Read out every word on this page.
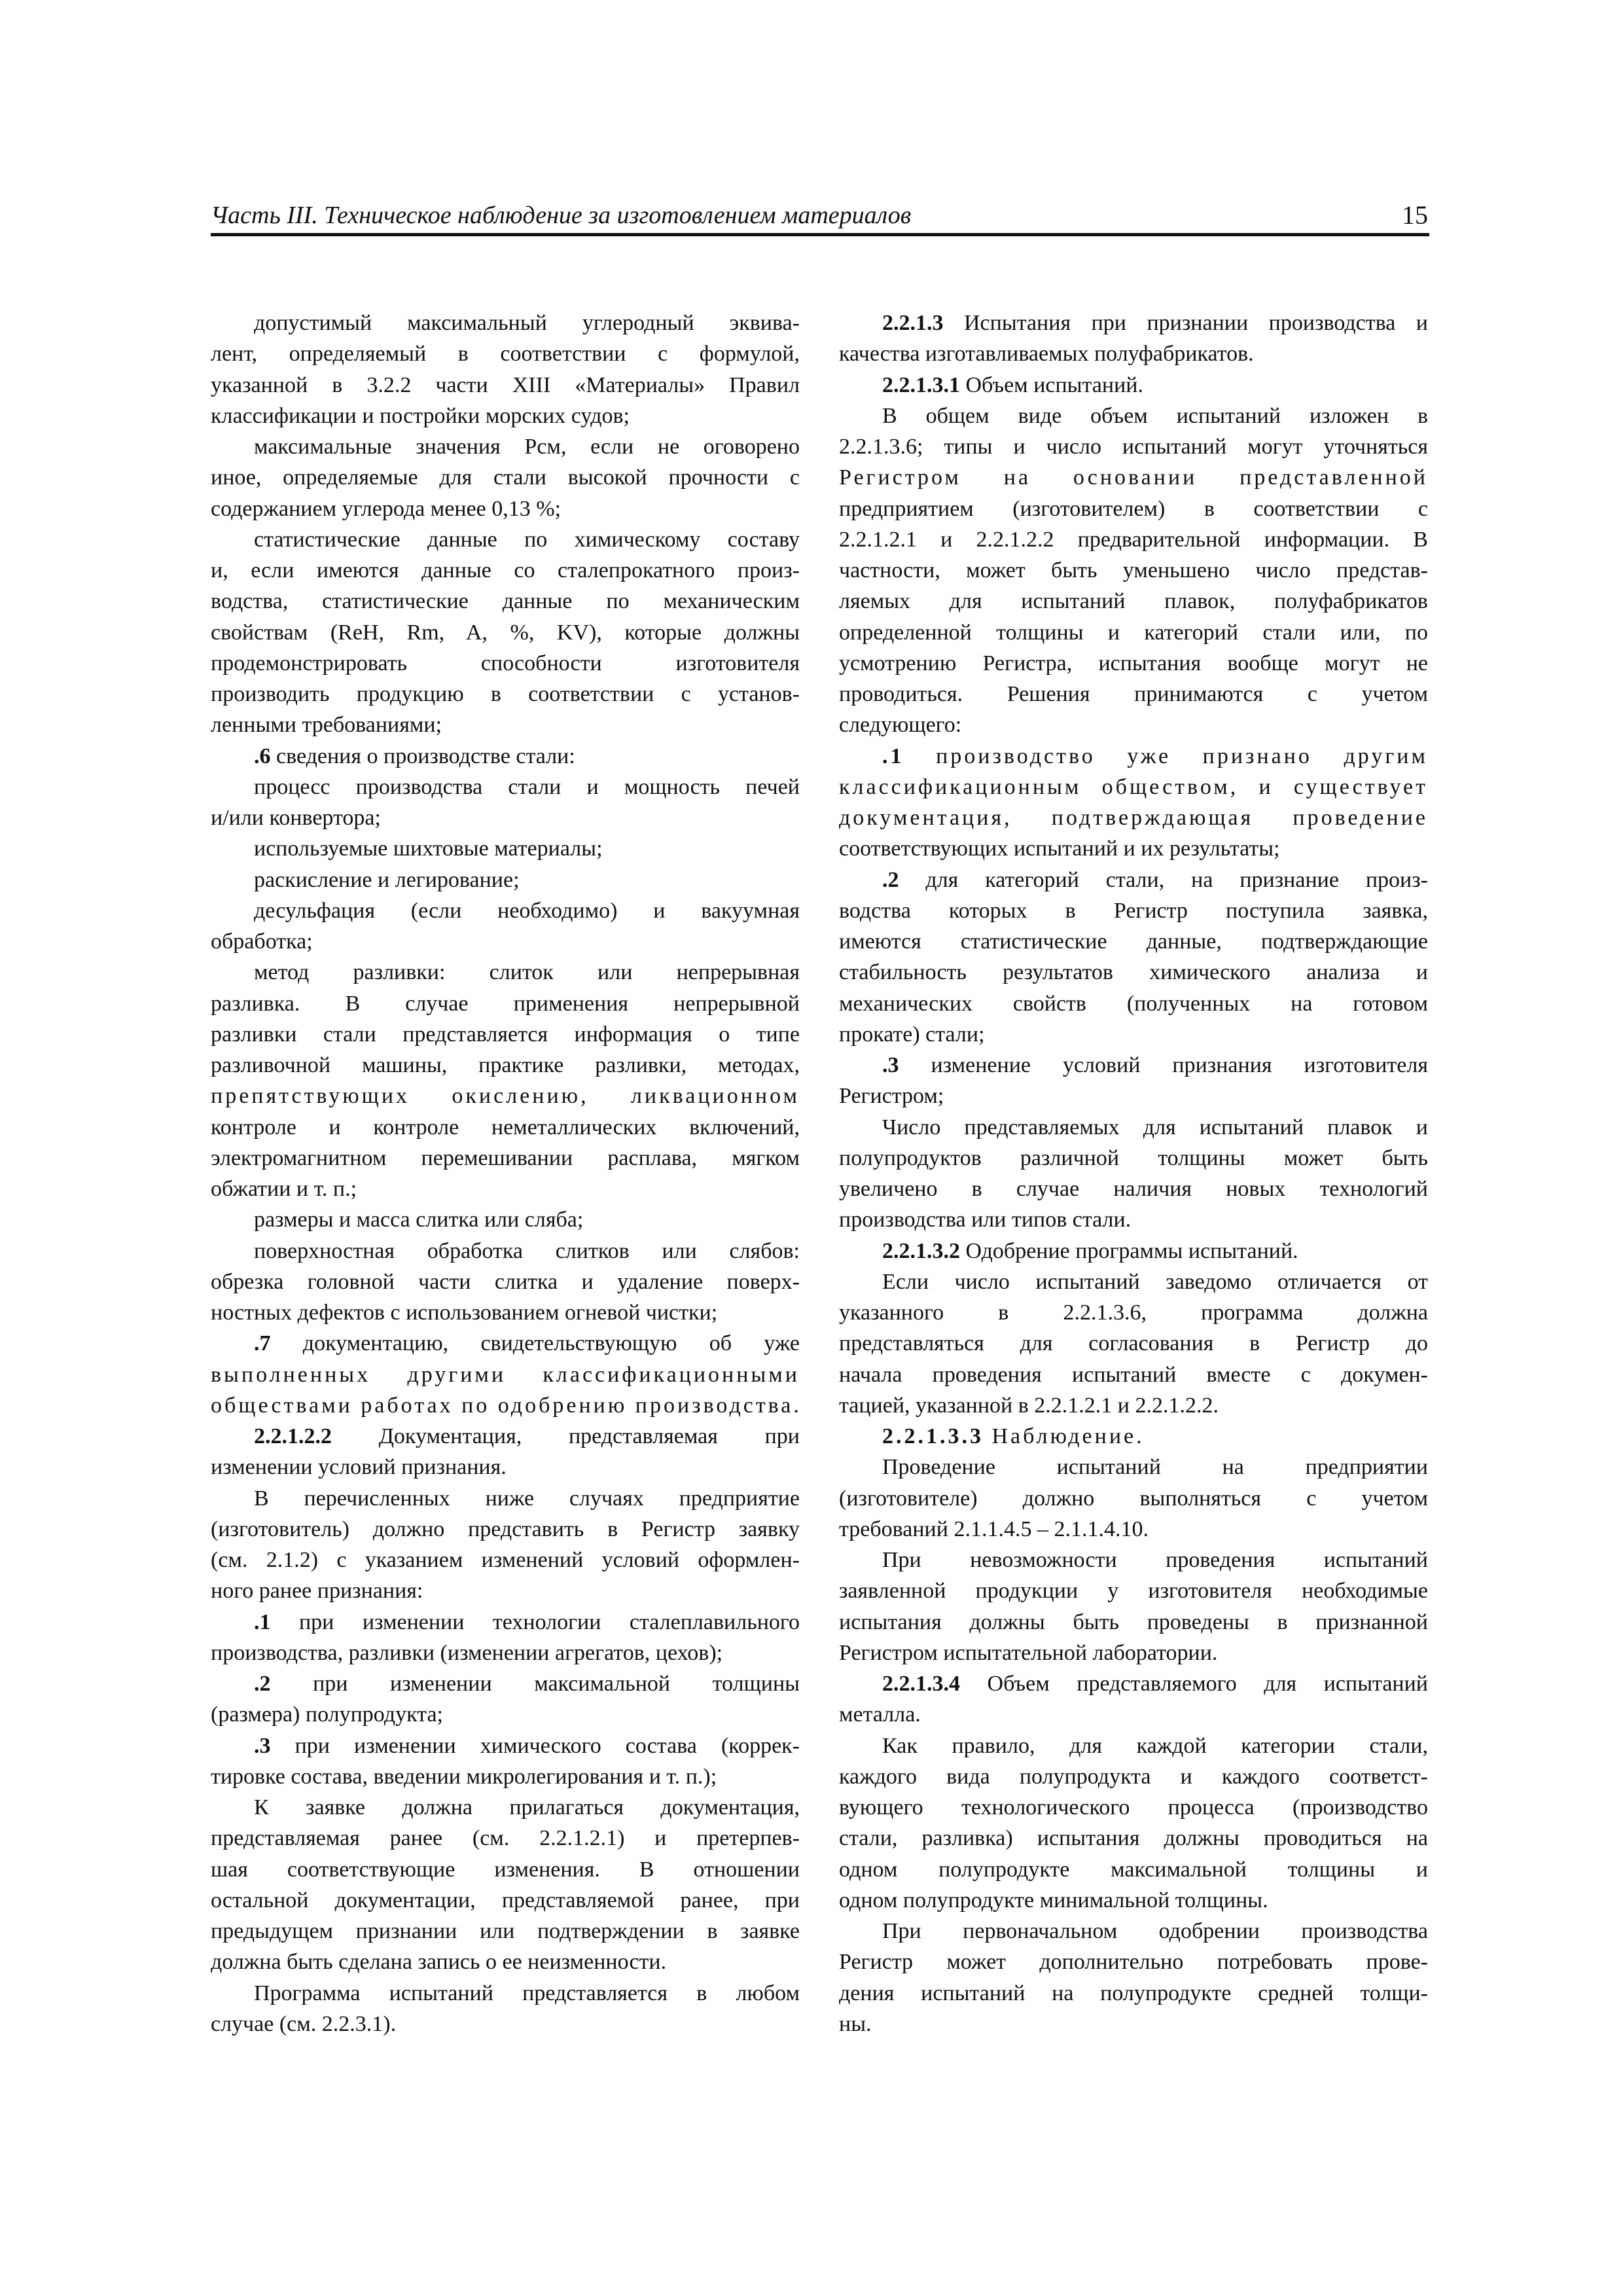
Часть III. Техническое наблюдение за изготовлением материалов	15
допустимый максимальный углеродный эквива-
лент, определяемый в соответствии с формулой,
указанной в 3.2.2 части XIII «Материалы» Правил
классификации и постройки морских судов;
максимальные значения Pсм, если не оговорено
иное, определяемые для стали высокой прочности с
содержанием углерода менее 0,13 %;
статистические данные по химическому составу
и, если имеются данные со сталепрокатного произ-
водства, статистические данные по механическим
свойствам (ReH, Rm, A, %, KV), которые должны
продемонстрировать способности изготовителя
производить продукцию в соответствии с установ-
ленными требованиями;
.6 сведения о производстве стали:
процесс производства стали и мощность печей
и/или конвертора;
используемые шихтовые материалы;
раскисление и легирование;
десульфация (если необходимо) и вакуумная
обработка;
метод разливки: слиток или непрерывная
разливка. В случае применения непрерывной
разливки стали представляется информация о типе
разливочной машины, практике разливки, методах,
препятствующих окислению, ликвационном
контроле и контроле неметаллических включений,
электромагнитном перемешивании расплава, мягком
обжатии и т. п.;
размеры и масса слитка или сляба;
поверхностная обработка слитков или слябов:
обрезка головной части слитка и удаление поверх-
ностных дефектов с использованием огневой чистки;
.7 документацию, свидетельствующую об уже
выполненных другими классификационными
обществами работах по одобрению производства.
2.2.1.2.2 Документация, представляемая при
изменении условий признания.
В перечисленных ниже случаях предприятие
(изготовитель) должно представить в Регистр заявку
(см. 2.1.2) с указанием изменений условий оформлен-
ного ранее признания:
.1 при изменении технологии сталеплавильного
производства, разливки (изменении агрегатов, цехов);
.2 при изменении максимальной толщины
(размера) полупродукта;
.3 при изменении химического состава (коррек-
тировке состава, введении микролегирования и т. п.);
К заявке должна прилагаться документация,
представляемая ранее (см. 2.2.1.2.1) и претерпев-
шая соответствующие изменения. В отношении
остальной документации, представляемой ранее, при
предыдущем признании или подтверждении в заявке
должна быть сделана запись о ее неизменности.
Программа испытаний представляется в любом
случае (см. 2.2.3.1).
2.2.1.3 Испытания при признании производства и
качества изготавливаемых полуфабрикатов.
2.2.1.3.1 Объем испытаний.
В общем виде объем испытаний изложен в
2.2.1.3.6; типы и число испытаний могут уточняться
Регистром на основании представленной
предприятием (изготовителем) в соответствии с
2.2.1.2.1 и 2.2.1.2.2 предварительной информации. В
частности, может быть уменьшено число представ-
ляемых для испытаний плавок, полуфабрикатов
определенной толщины и категорий стали или, по
усмотрению Регистра, испытания вообще могут не
проводиться. Решения принимаются с учетом
следующего:
.1 производство уже признано другим
классификационным обществом, и существует
документация, подтверждающая проведение
соответствующих испытаний и их результаты;
.2 для категорий стали, на признание произ-
водства которых в Регистр поступила заявка,
имеются статистические данные, подтверждающие
стабильность результатов химического анализа и
механических свойств (полученных на готовом
прокате) стали;
.3 изменение условий признания изготовителя
Регистром;
Число представляемых для испытаний плавок и
полупродуктов различной толщины может быть
увеличено в случае наличия новых технологий
производства или типов стали.
2.2.1.3.2 Одобрение программы испытаний.
Если число испытаний заведомо отличается от
указанного в 2.2.1.3.6, программа должна
представляться для согласования в Регистр до
начала проведения испытаний вместе с докумен-
тацией, указанной в 2.2.1.2.1 и 2.2.1.2.2.
2.2.1.3.3 Наблюдение.
Проведение испытаний на предприятии
(изготовителе) должно выполняться с учетом
требований 2.1.1.4.5 – 2.1.1.4.10.
При невозможности проведения испытаний
заявленной продукции у изготовителя необходимые
испытания должны быть проведены в признанной
Регистром испытательной лаборатории.
2.2.1.3.4 Объем представляемого для испытаний
металла.
Как правило, для каждой категории стали,
каждого вида полупродукта и каждого соответст-
вующего технологического процесса (производство
стали, разливка) испытания должны проводиться на
одном полупродукте максимальной толщины и
одном полупродукте минимальной толщины.
При первоначальном одобрении производства
Регистр может дополнительно потребовать прове-
дения испытаний на полупродукте средней толщи-
ны.
